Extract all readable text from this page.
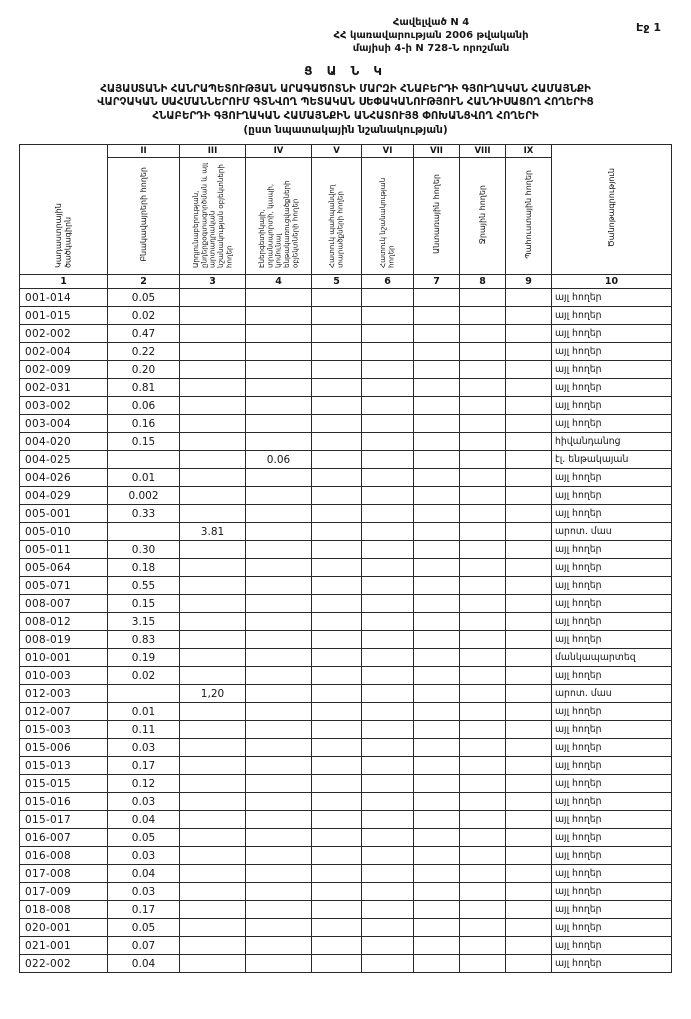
Էջ 1
Հավելված N 4
ՀՀ կառավարության 2006 թվականի
մայիսի 4-ի N 728-Ն որոշման
Ց Ա Ն Կ
ՀԱՅԱՍՏԱՆԻ ՀԱՆՐԱՊԵՏՈՒԹՅԱՆ ԱՐԱԳԱԾՈՏՆԻ ՄԱՐԶԻ ՀՆԱԲԵՐԴԻ ԳՅՈՒՂԱԿԱՆ ՀԱՄԱՅՆՔԻ
ՎԱՐՉԱԿԱՆ ՍԱՀՄԱՆՆԵՐՈՒՄ ԳՏՆՎՈՂ ՊԵՏԱԿԱՆ ՍԵՓԱԿԱՆՈՒԹՅՈՒՆ ՀԱՆԴԻՍԱՑՈՂ ՀՈՂԵՐԻՑ
ՀՆԱԲԵՐԴԻ ԳՅՈՒՂԱԿԱՆ ՀԱՄԱՅՆՔԻՆ ԱՆՀԱՏՈՒՅՑ ՓՈԽԱՆՑՎՈՂ ՀՈՂԵՐԻ
(ըստ նպատակային նշանակության)
Կադաստրային ծածկագիրն	II	III	IV	V	VI	VII	VIII	IX	Ծանոթագրություն
	Բնակավայրերի հողեր	Արդյունաբերության, ընդերքօգտագործման և այլ արտադրական նշանակության օբյեկտների հողեր	Էներգետիկայի, տրանսպորտի, կապի, կոմունալ ենթակառուցվածքների օբյեկտների հողեր	Հատուկ պահպանվող տարածքների հողեր	Հատուկ նշանակության հողեր	Անտառային հողեր	Ջրային հողեր	Պահուստային հողեր	
1	2	3	4	5	6	7	8	9	10
001-014	0.05								այլ հողեր
001-015	0.02								այլ հողեր
002-002	0.47								այլ հողեր
002-004	0.22								այլ հողեր
002-009	0.20								այլ հողեր
002-031	0.81								այլ հողեր
003-002	0.06								այլ հողեր
003-004	0.16								այլ հողեր
004-020	0.15								հիվանդանոց
004-025			0.06						էլ. ենթակայան
004-026	0.01								այլ հողեր
004-029	0.002								այլ հողեր
005-001	0.33								այլ հողեր
005-010		3.81							արոտ. մաս
005-011	0.30								այլ հողեր
005-064	0.18								այլ հողեր
005-071	0.55								այլ հողեր
008-007	0.15								այլ հողեր
008-012	3.15								այլ հողեր
008-019	0.83								այլ հողեր
010-001	0.19								մանկապարտեզ
010-003	0.02								այլ հողեր
012-003		1,20							արոտ. մաս
012-007	0.01								այլ հողեր
015-003	0.11								այլ հողեր
015-006	0.03								այլ հողեր
015-013	0.17								այլ հողեր
015-015	0.12								այլ հողեր
015-016	0.03								այլ հողեր
015-017	0.04								այլ հողեր
016-007	0.05								այլ հողեր
016-008	0.03								այլ հողեր
017-008	0.04								այլ հողեր
017-009	0.03								այլ հողեր
018-008	0.17								այլ հողեր
020-001	0.05								այլ հողեր
021-001	0.07								այլ հողեր
022-002	0.04								այլ հողեր
